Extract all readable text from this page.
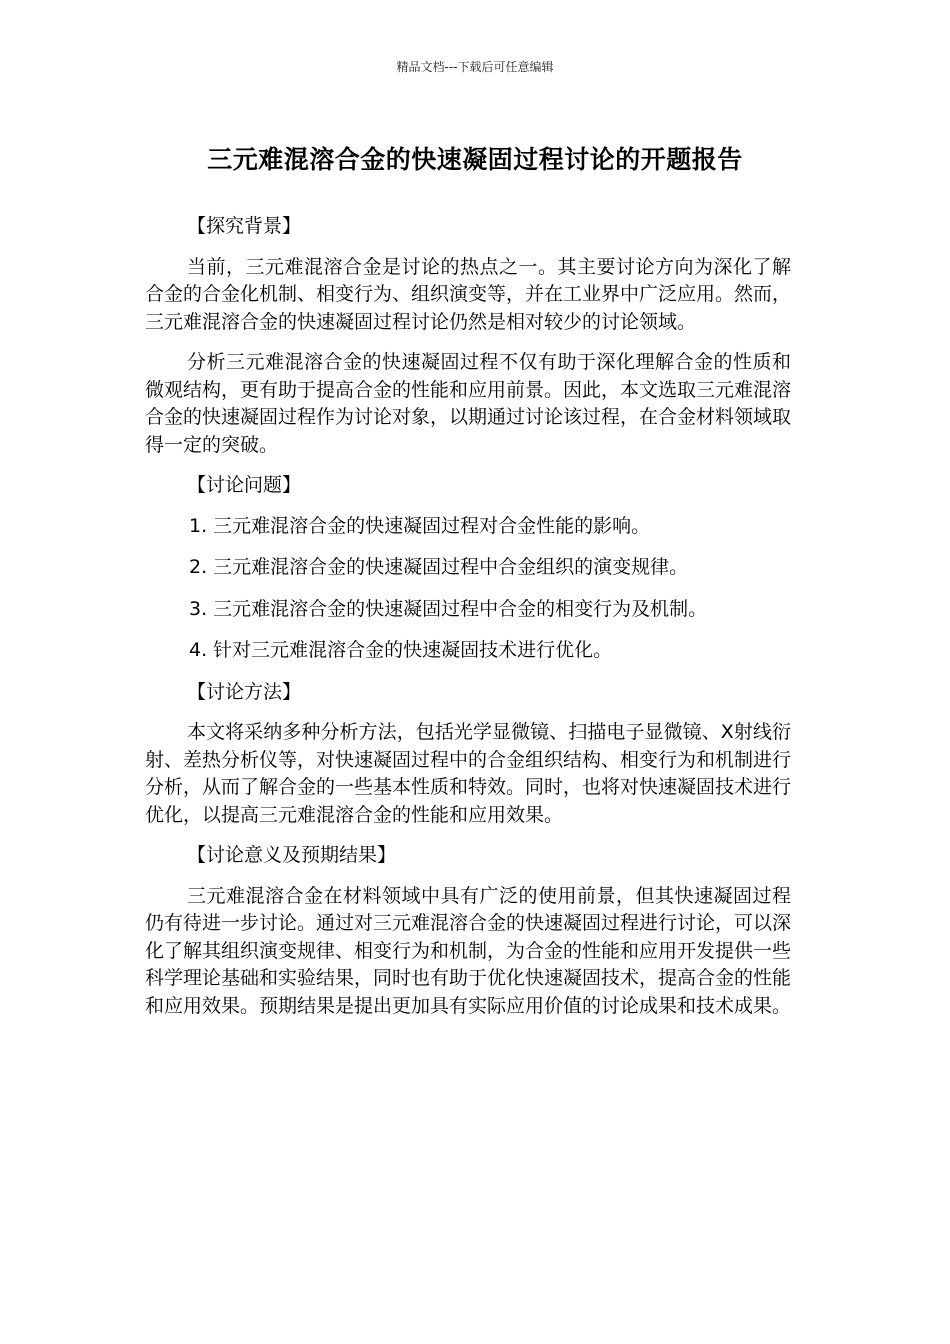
精品文档---下载后可任意编辑
三元难混溶合金的快速凝固过程讨论的开题报告
【探究背景】

当前，三元难混溶合金是讨论的热点之一。其主要讨论方向为深化了解合金的合金化机制、相变行为、组织演变等，并在工业界中广泛应用。然而，三元难混溶合金的快速凝固过程讨论仍然是相对较少的讨论领域。

分析三元难混溶合金的快速凝固过程不仅有助于深化理解合金的性质和微观结构，更有助于提高合金的性能和应用前景。因此，本文选取三元难混溶合金的快速凝固过程作为讨论对象，以期通过讨论该过程，在合金材料领域取得一定的突破。

【讨论问题】
1. 三元难混溶合金的快速凝固过程对合金性能的影响。
2. 三元难混溶合金的快速凝固过程中合金组织的演变规律。
3. 三元难混溶合金的快速凝固过程中合金的相变行为及机制。
4. 针对三元难混溶合金的快速凝固技术进行优化。
【讨论方法】

本文将采纳多种分析方法，包括光学显微镜、扫描电子显微镜、X射线衍射、差热分析仪等，对快速凝固过程中的合金组织结构、相变行为和机制进行分析，从而了解合金的一些基本性质和特效。同时，也将对快速凝固技术进行优化，以提高三元难混溶合金的性能和应用效果。

【讨论意义及预期结果】

三元难混溶合金在材料领域中具有广泛的使用前景，但其快速凝固过程仍有待进一步讨论。通过对三元难混溶合金的快速凝固过程进行讨论，可以深化了解其组织演变规律、相变行为和机制，为合金的性能和应用开发提供一些科学理论基础和实验结果，同时也有助于优化快速凝固技术，提高合金的性能和应用效果。预期结果是提出更加具有实际应用价值的讨论成果和技术成果。
